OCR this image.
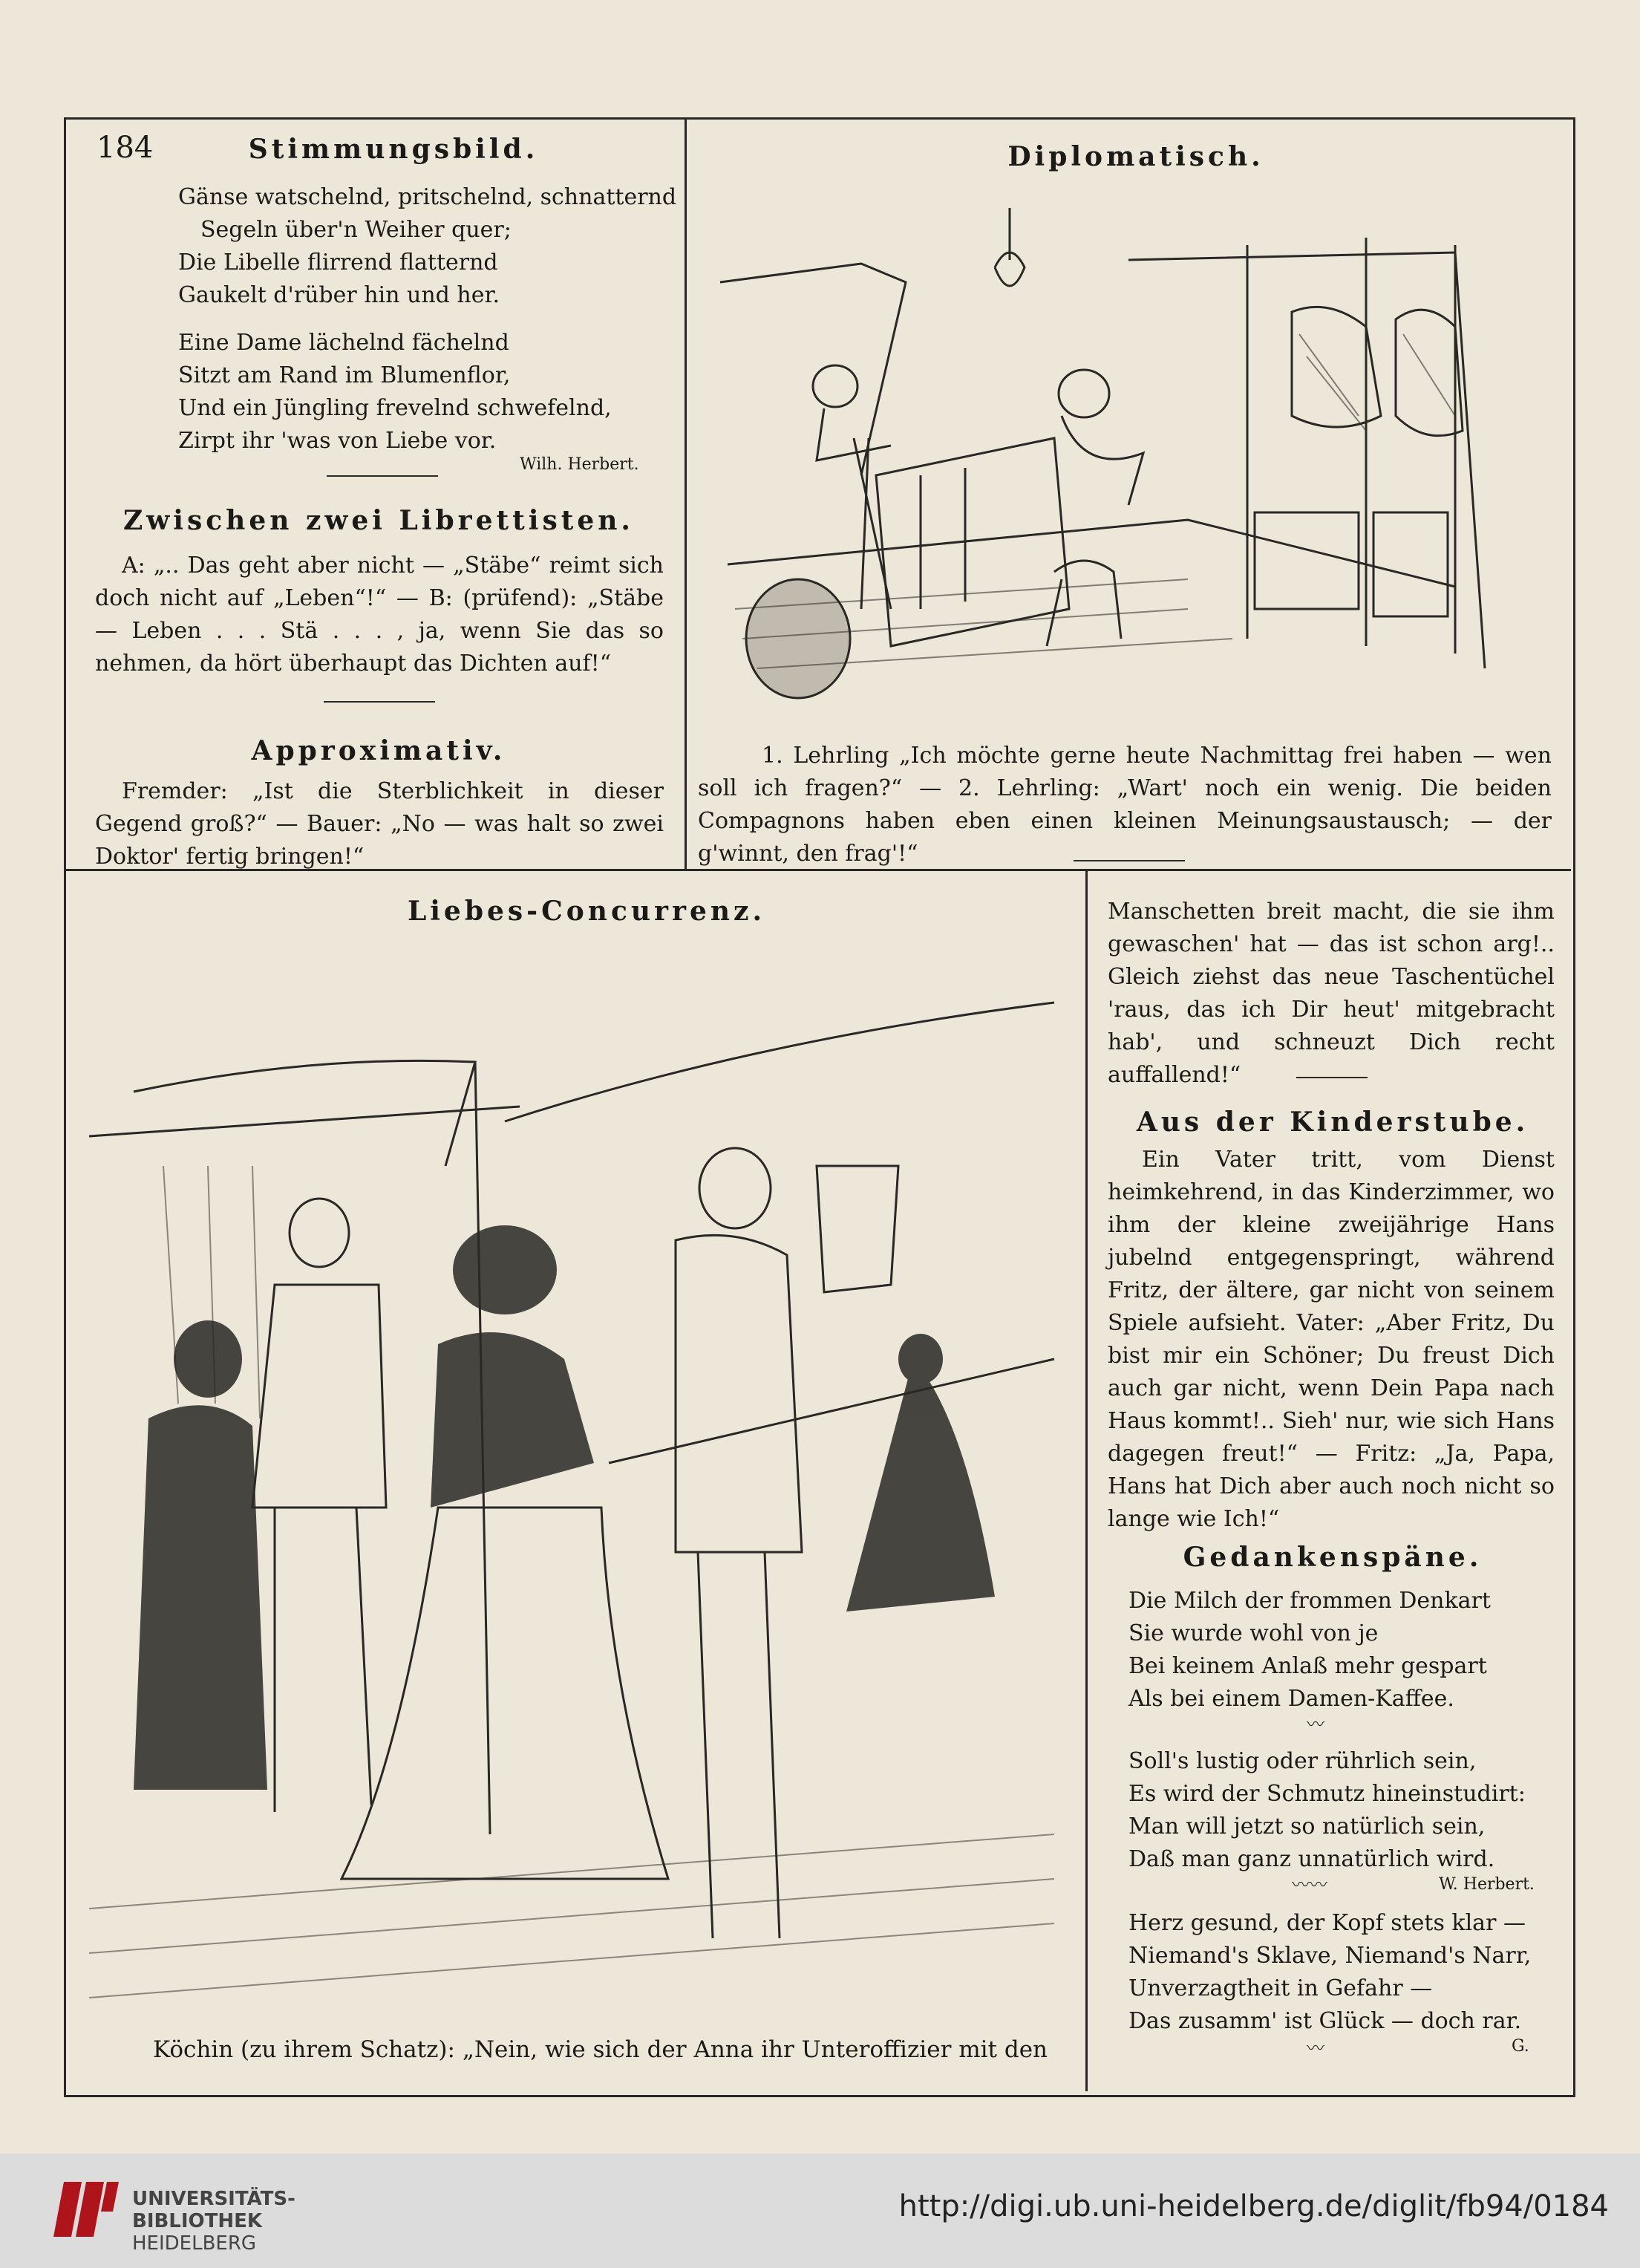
184	Stimmungsbild.
Gänse watschelnd, pritschelnd, schnatternd
Segeln über'n Weiher quer;
Die Libelle flirrend flatternd
Gaukelt d'rüber hin und her.
Eine Dame lächelnd fächelnd
Sitzt am Rand im Blumenflor,
Und ein Jüngling frevelnd schwefelnd,
Zirpt ihr 'was von Liebe vor.
Wilh. Herbert.
Zwischen zwei Librettisten.
A: „.. Das geht aber nicht — „Stäbe“ reimt sich doch nicht auf „Leben“!“ — B: (prüfend): „Stäbe — Leben . . . Stä . . . , ja, wenn Sie das so nehmen, da hört überhaupt das Dichten auf!“
Approximativ.
Fremder: „Ist die Sterblichkeit in dieser Gegend groß?“ — Bauer: „No — was halt so zwei Doktor' fertig bringen!“
Diplomatisch.
1. Lehrling „Ich möchte gerne heute Nachmittag frei haben — wen soll ich fragen?“ — 2. Lehrling: „Wart' noch ein wenig. Die beiden Compagnons haben eben einen kleinen Meinungsaustausch; — der g'winnt, den frag'!“
Liebes-Concurrenz.
Köchin (zu ihrem Schatz): „Nein, wie sich der Anna ihr Unteroffizier mit den
Manschetten breit macht, die sie ihm gewaschen' hat — das ist schon arg!.. Gleich ziehst das neue Taschentüchel 'raus, das ich Dir heut' mitgebracht hab', und schneuzt Dich recht auffallend!“
Aus der Kinderstube.
Ein Vater tritt, vom Dienst heimkehrend, in das Kinderzimmer, wo ihm der kleine zweijährige Hans jubelnd entgegenspringt, während Fritz, der ältere, gar nicht von seinem Spiele aufsieht. Vater: „Aber Fritz, Du bist mir ein Schöner; Du freust Dich auch gar nicht, wenn Dein Papa nach Haus kommt!.. Sieh' nur, wie sich Hans dagegen freut!“ — Fritz: „Ja, Papa, Hans hat Dich aber auch noch nicht so lange wie Ich!“
Gedankenspäne.
Die Milch der frommen Denkart
Sie wurde wohl von je
Bei keinem Anlaß mehr gespart
Als bei einem Damen-Kaffee.
〰
Soll's lustig oder rührlich sein,
Es wird der Schmutz hineinstudirt:
Man will jetzt so natürlich sein,
Daß man ganz unnatürlich wird.
〰〰	W. Herbert.
Herz gesund, der Kopf stets klar —
Niemand's Sklave, Niemand's Narr,
Unverzagtheit in Gefahr —
Das zusamm' ist Glück — doch rar.
〰	G.
UNIVERSITÄTS-
BIBLIOTHEK
HEIDELBERG
http://digi.ub.uni-heidelberg.de/diglit/fb94/0184
